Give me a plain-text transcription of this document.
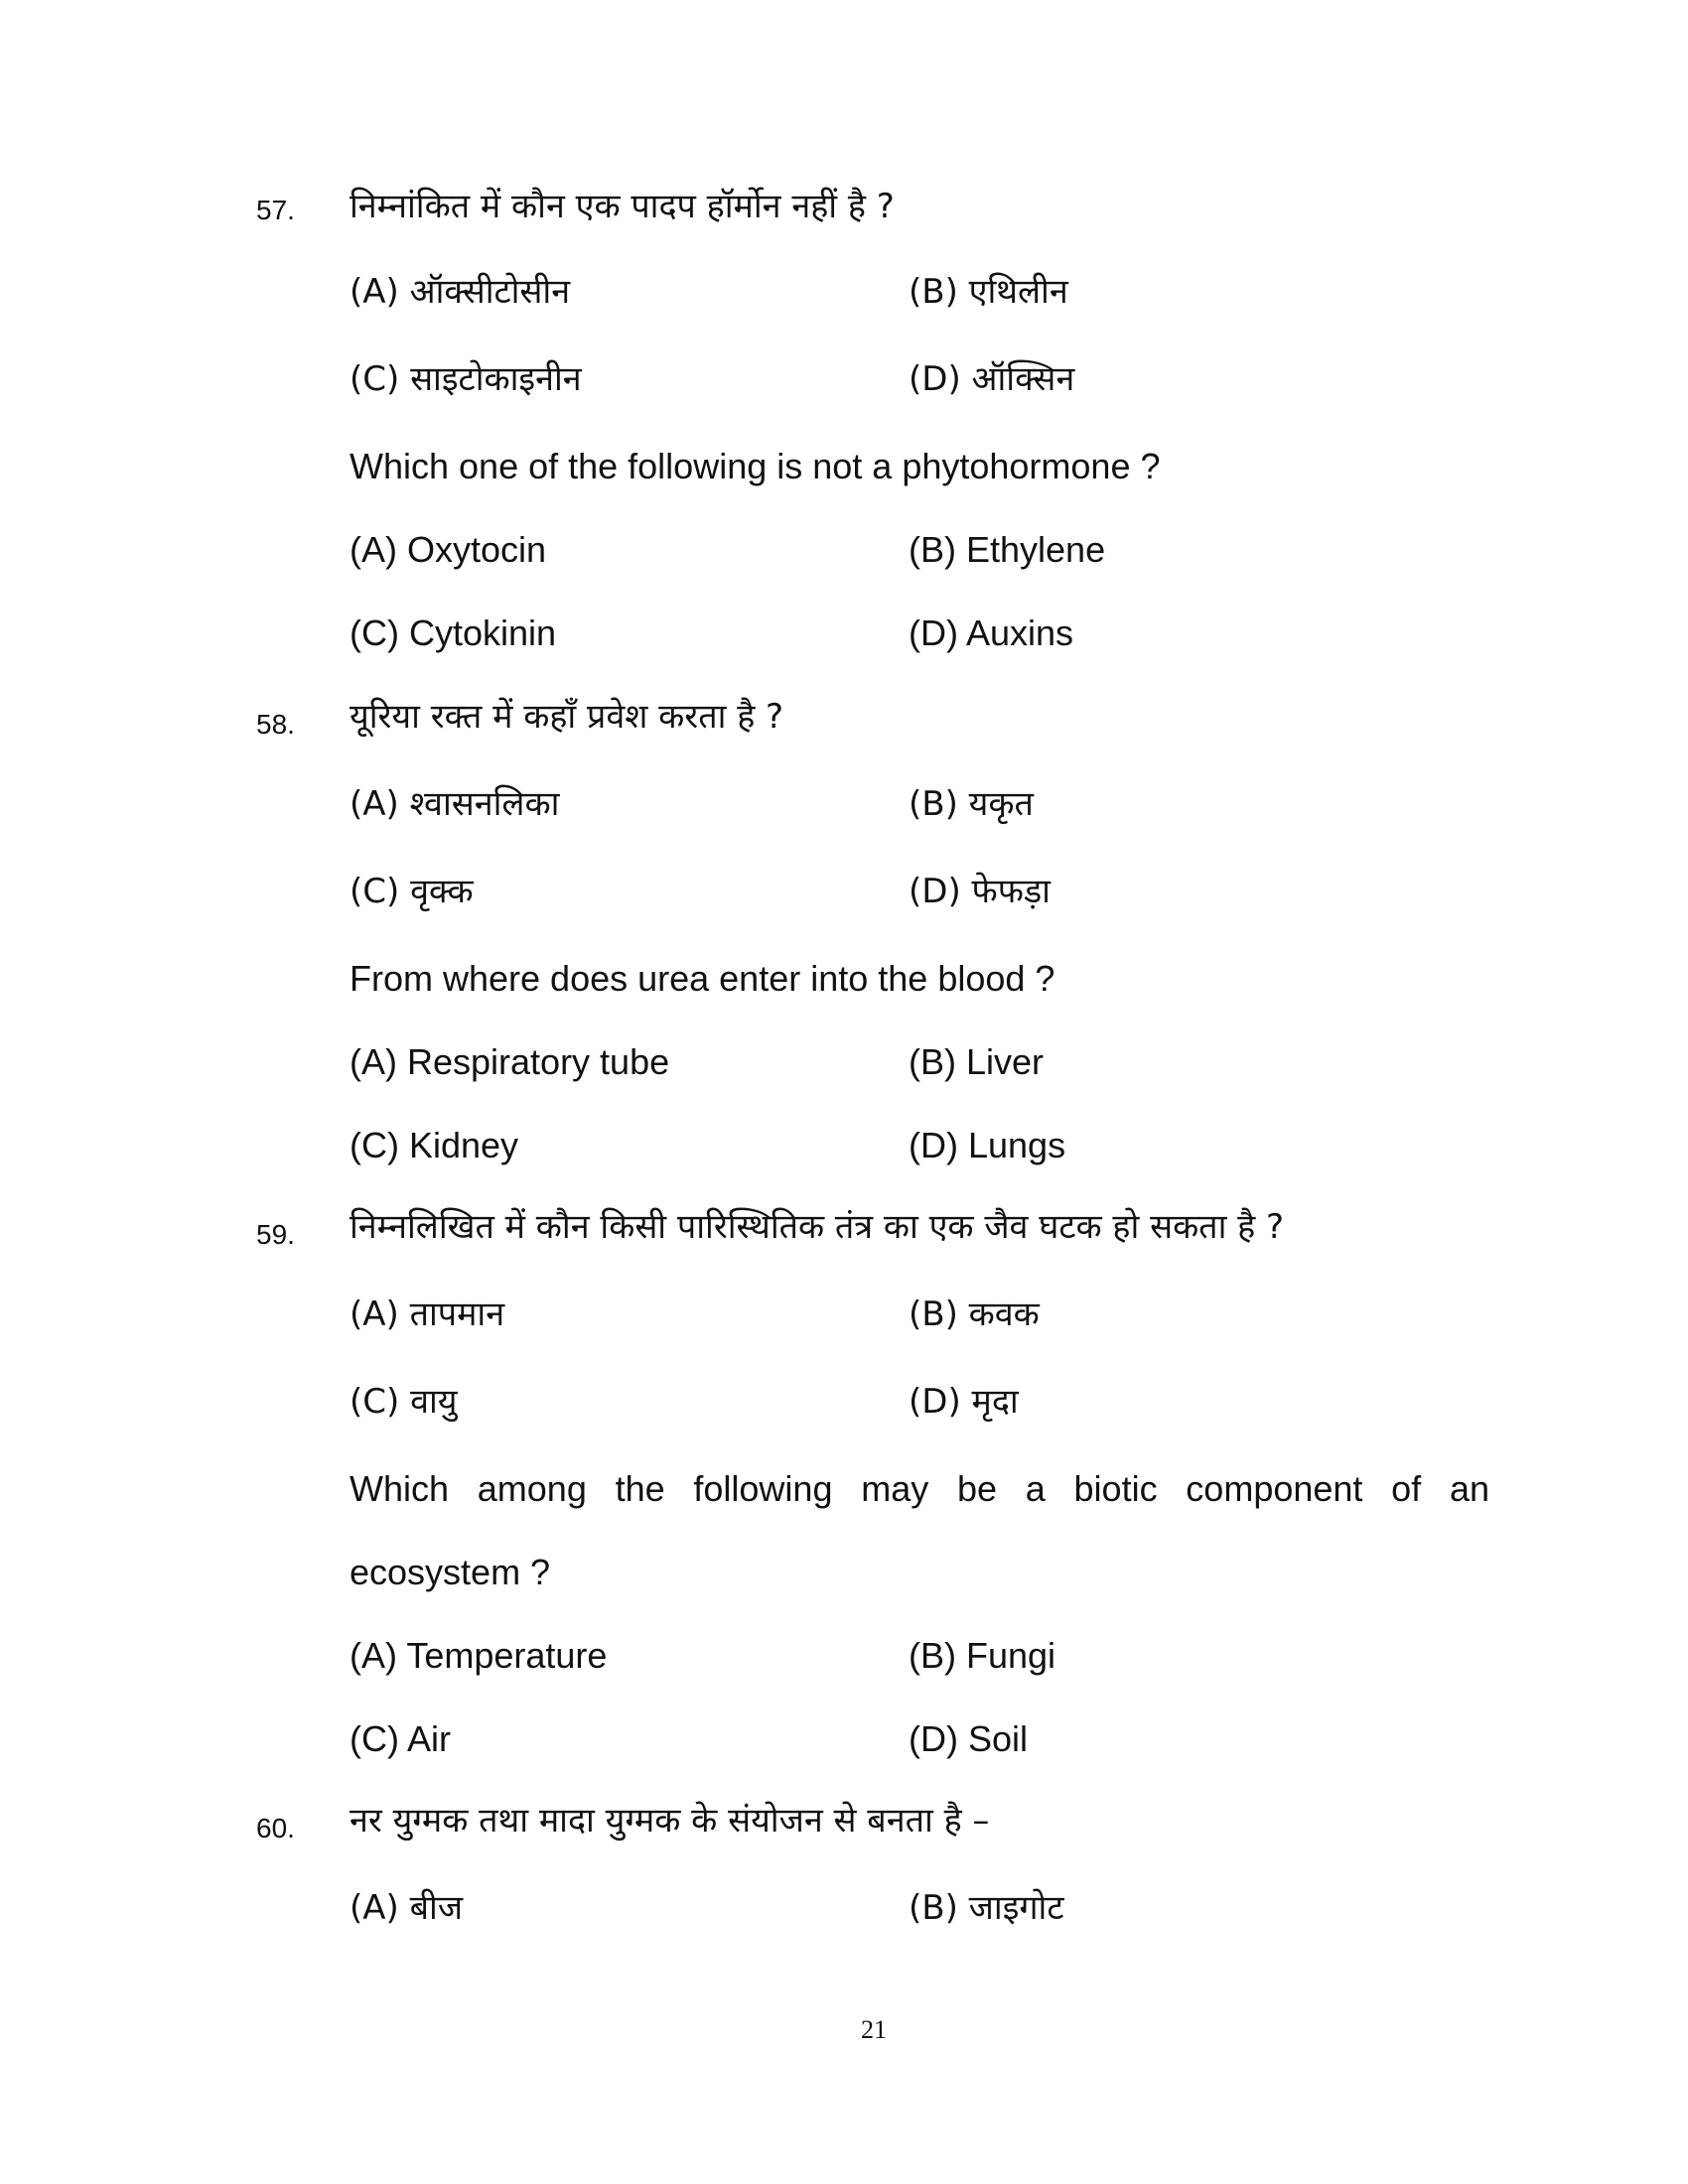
57. निम्नांकित में कौन एक पादप हॉर्मोन नहीं है ?
(A) ऑक्सीटोसीन	(B) एथिलीन
(C) साइटोकाइनीन	(D) ऑक्सिन
Which one of the following is not a phytohormone ?
(A) Oxytocin	(B) Ethylene
(C) Cytokinin	(D) Auxins
58. यूरिया रक्त में कहाँ प्रवेश करता है ?
(A) श्वासनलिका	(B) यकृत
(C) वृक्क	(D) फेफड़ा
From where does urea enter into the blood ?
(A) Respiratory tube	(B) Liver
(C) Kidney	(D) Lungs
59. निम्नलिखित में कौन किसी पारिस्थितिक तंत्र का एक जैव घटक हो सकता है ?
(A) तापमान	(B) कवक
(C) वायु	(D) मृदा
Which among the following may be a biotic component of an
ecosystem ?
(A) Temperature	(B) Fungi
(C) Air	(D) Soil
60. नर युग्मक तथा मादा युग्मक के संयोजन से बनता है –
(A) बीज	(B) जाइगोट
21
